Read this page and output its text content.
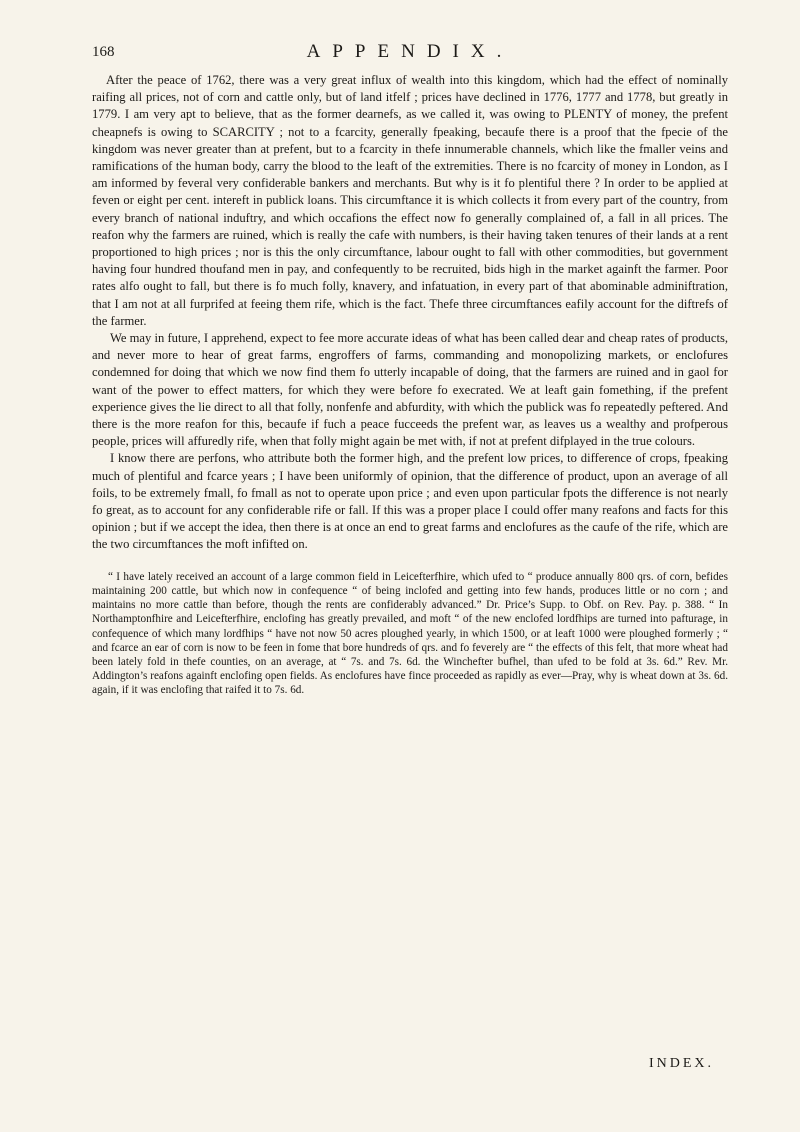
168	APPENDIX.

After the peace of 1762, there was a very great influx of wealth into this kingdom, which had the effect of nominally raifing all prices, not of corn and cattle only, but of land itfelf ; prices have declined in 1776, 1777 and 1778, but greatly in 1779. I am very apt to believe, that as the former dearnefs, as we called it, was owing to PLENTY of money, the prefent cheapnefs is owing to SCARCITY ; not to a fcarcity, generally fpeaking, becaufe there is a proof that the fpecie of the kingdom was never greater than at prefent, but to a fcarcity in thefe innumerable channels, which like the fmaller veins and ramifications of the human body, carry the blood to the leaft of the extremities. There is no fcarcity of money in London, as I am informed by feveral very confiderable bankers and merchants. But why is it fo plentiful there ? In order to be applied at feven or eight per cent. intereft in publick loans. This circumftance it is which collects it from every part of the country, from every branch of national induftry, and which occafions the effect now fo generally complained of, a fall in all prices. The reafon why the farmers are ruined, which is really the cafe with numbers, is their having taken tenures of their lands at a rent proportioned to high prices ; nor is this the only circumftance, labour ought to fall with other commodities, but government having four hundred thoufand men in pay, and confequently to be recruited, bids high in the market againft the farmer. Poor rates alfo ought to fall, but there is fo much folly, knavery, and infatuation, in every part of that abominable adminiftration, that I am not at all furprifed at feeing them rife, which is the fact. Thefe three circumftances eafily account for the diftrefs of the farmer.

We may in future, I apprehend, expect to fee more accurate ideas of what has been called dear and cheap rates of products, and never more to hear of great farms, engroffers of farms, commanding and monopolizing markets, or enclofures condemned for doing that which we now find them fo utterly incapable of doing, that the farmers are ruined and in gaol for want of the power to effect matters, for which they were before fo execrated. We at leaft gain fomething, if the prefent experience gives the lie direct to all that folly, nonfenfe and abfurdity, with which the publick was fo repeatedly peftered. And there is the more reafon for this, becaufe if fuch a peace fucceeds the prefent war, as leaves us a wealthy and profperous people, prices will affuredly rife, when that folly might again be met with, if not at prefent difplayed in the true colours.

I know there are perfons, who attribute both the former high, and the prefent low prices, to difference of crops, fpeaking much of plentiful and fcarce years ; I have been uniformly of opinion, that the difference of product, upon an average of all foils, to be extremely fmall, fo fmall as not to operate upon price ; and even upon particular fpots the difference is not nearly fo great, as to account for any confiderable rife or fall. If this was a proper place I could offer many reafons and facts for this opinion ; but if we accept the idea, then there is at once an end to great farms and enclofures as the caufe of the rife, which are the two circumftances the moft infifted on.

“ I have lately received an account of a large common field in Leicefterfhire, which ufed to “ produce annually 800 qrs. of corn, befides maintaining 200 cattle, but which now in confequence “ of being inclofed and getting into few hands, produces little or no corn ; and maintains no more cattle than before, though the rents are confiderably advanced.” Dr. Price’s Supp. to Obf. on Rev. Pay. p. 388. “ In Northamptonfhire and Leicefterfhire, enclofing has greatly prevailed, and moft “ of the new enclofed lordfhips are turned into pafturage, in confequence of which many lordfhips “ have not now 50 acres ploughed yearly, in which 1500, or at leaft 1000 were ploughed formerly ; “ and fcarce an ear of corn is now to be feen in fome that bore hundreds of qrs. and fo feverely are “ the effects of this felt, that more wheat had been lately fold in thefe counties, on an average, at “ 7s. and 7s. 6d. the Winchefter bufhel, than ufed to be fold at 3s. 6d.” Rev. Mr. Addington’s reafons againft enclofing open fields. As enclofures have fince proceeded as rapidly as ever—Pray, why is wheat down at 3s. 6d. again, if it was enclofing that raifed it to 7s. 6d.
INDEX.
